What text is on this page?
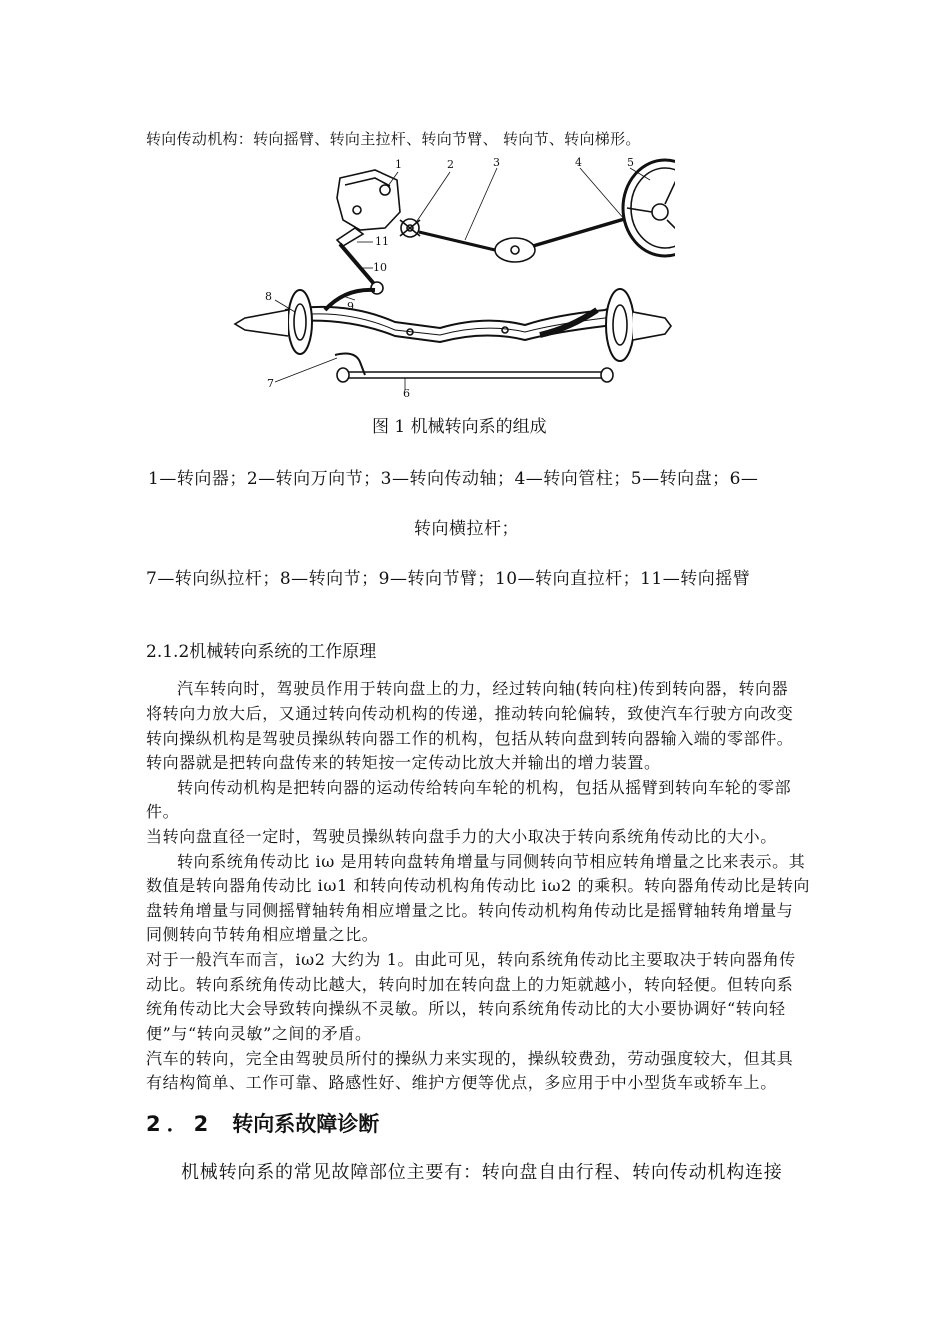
转向传动机构：转向摇臂、转向主拉杆、转向节臂、 转向节、转向梯形。
1	2	3	4	5
6
7
8
9
10
11
图 1 机械转向系的组成
1—转向器；2—转向万向节；3—转向传动轴；4—转向管柱；5—转向盘；6—
转向横拉杆；
7—转向纵拉杆；8—转向节；9—转向节臂；10—转向直拉杆；11—转向摇臂
2.1.2机械转向系统的工作原理
汽车转向时，驾驶员作用于转向盘上的力，经过转向轴(转向柱)传到转向器，转向器
将转向力放大后，又通过转向传动机构的传递，推动转向轮偏转，致使汽车行驶方向改变
转向操纵机构是驾驶员操纵转向器工作的机构，包括从转向盘到转向器输入端的零部件。
转向器就是把转向盘传来的转矩按一定传动比放大并输出的增力装置。
转向传动机构是把转向器的运动传给转向车轮的机构，包括从摇臂到转向车轮的零部
件。
当转向盘直径一定时，驾驶员操纵转向盘手力的大小取决于转向系统角传动比的大小。
转向系统角传动比 iω 是用转向盘转角增量与同侧转向节相应转角增量之比来表示。其
数值是转向器角传动比 iω1 和转向传动机构角传动比 iω2 的乘积。转向器角传动比是转向
盘转角增量与同侧摇臂轴转角相应增量之比。转向传动机构角传动比是摇臂轴转角增量与
同侧转向节转角相应增量之比。
对于一般汽车而言，iω2 大约为 1。由此可见，转向系统角传动比主要取决于转向器角传
动比。转向系统角传动比越大，转向时加在转向盘上的力矩就越小，转向轻便。但转向系
统角传动比大会导致转向操纵不灵敏。所以，转向系统角传动比的大小要协调好“转向轻
便”与“转向灵敏”之间的矛盾。
汽车的转向，完全由驾驶员所付的操纵力来实现的，操纵较费劲，劳动强度较大，但其具
有结构简单、工作可靠、路感性好、维护方便等优点，多应用于中小型货车或轿车上。
2．2 转向系故障诊断
机械转向系的常见故障部位主要有：转向盘自由行程、转向传动机构连接
